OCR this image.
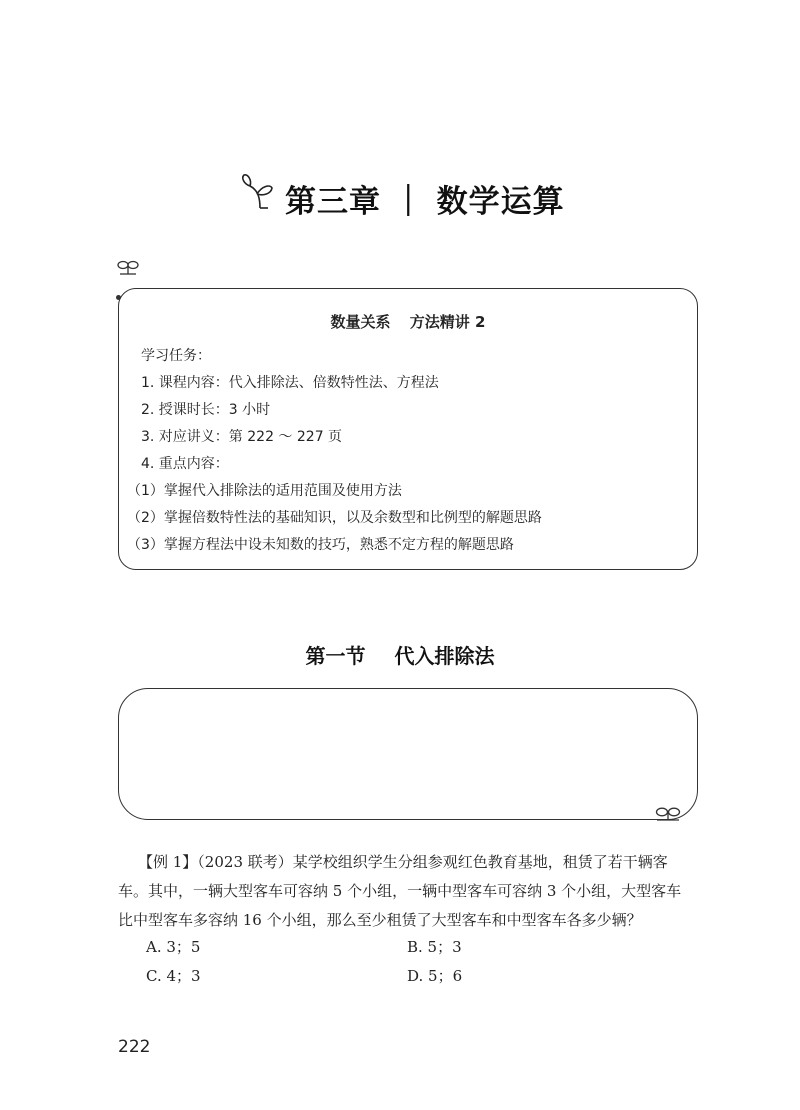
第三章 ｜ 数学运算
数量关系 方法精讲 2
学习任务：
1. 课程内容：代入排除法、倍数特性法、方程法
2. 授课时长：3 小时
3. 对应讲义：第 222 ～ 227 页
4. 重点内容：
（1）掌握代入排除法的适用范围及使用方法
（2）掌握倍数特性法的基础知识，以及余数型和比例型的解题思路
（3）掌握方程法中设未知数的技巧，熟悉不定方程的解题思路
第一节 代入排除法
【例 1】（2023 联考）某学校组织学生分组参观红色教育基地，租赁了若干辆客
车。其中，一辆大型客车可容纳 5 个小组，一辆中型客车可容纳 3 个小组，大型客车
比中型客车多容纳 16 个小组，那么至少租赁了大型客车和中型客车各多少辆？
A. 3；5	B. 5；3
C. 4；3	D. 5；6
222
